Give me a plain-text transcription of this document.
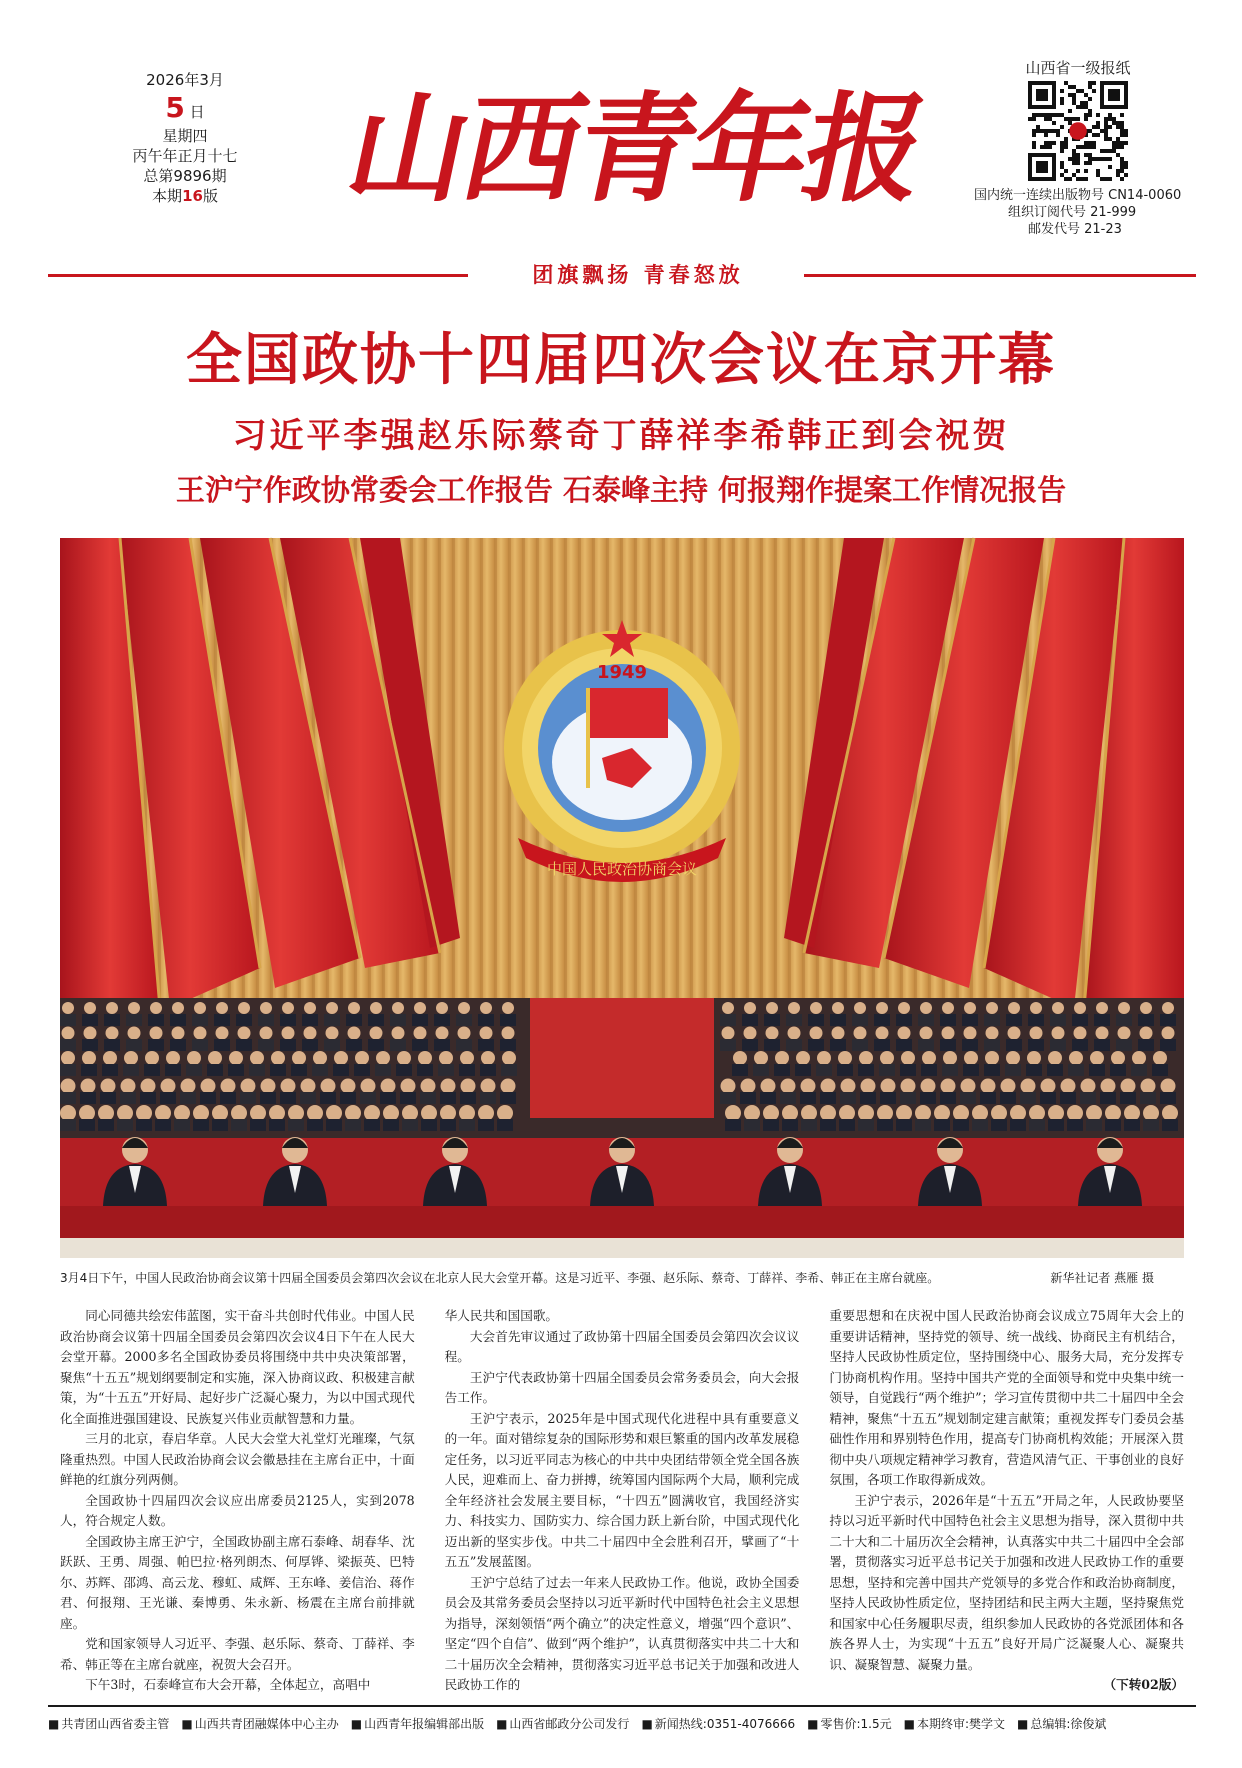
2026年3月
5 日
星期四
丙午年正月十七
总第9896期
本期16版 山西青年报
山西省一级报纸
国内统一连续出版物号 CN14-0060
组织订阅代号 21-999
邮发代号 21-23
团旗飘扬 青春怒放
全国政协十四届四次会议在京开幕
习近平李强赵乐际蔡奇丁薛祥李希韩正到会祝贺
王沪宁作政协常委会工作报告 石泰峰主持 何报翔作提案工作情况报告
1949
中国人民政治协商会议
3月4日下午，中国人民政治协商会议第十四届全国委员会第四次会议在北京人民大会堂开幕。这是习近平、李强、赵乐际、蔡奇、丁薛祥、李希、韩正在主席台就座。	新华社记者 燕雁 摄

同心同德共绘宏伟蓝图，实干奋斗共创时代伟业。中国人民政治协商会议第十四届全国委员会第四次会议4日下午在人民大会堂开幕。2000多名全国政协委员将围绕中共中央决策部署，聚焦“十五五”规划纲要制定和实施，深入协商议政、积极建言献策，为“十五五”开好局、起好步广泛凝心聚力，为以中国式现代化全面推进强国建设、民族复兴伟业贡献智慧和力量。

三月的北京，春启华章。人民大会堂大礼堂灯光璀璨，气氛隆重热烈。中国人民政治协商会议会徽悬挂在主席台正中，十面鲜艳的红旗分列两侧。

全国政协十四届四次会议应出席委员2125人，实到2078人，符合规定人数。

全国政协主席王沪宁，全国政协副主席石泰峰、胡春华、沈跃跃、王勇、周强、帕巴拉·格列朗杰、何厚铧、梁振英、巴特尔、苏辉、邵鸿、高云龙、穆虹、咸辉、王东峰、姜信治、蒋作君、何报翔、王光谦、秦博勇、朱永新、杨震在主席台前排就座。

党和国家领导人习近平、李强、赵乐际、蔡奇、丁薛祥、李希、韩正等在主席台就座，祝贺大会召开。

下午3时，石泰峰宣布大会开幕，全体起立，高唱中

华人民共和国国歌。

大会首先审议通过了政协第十四届全国委员会第四次会议议程。

王沪宁代表政协第十四届全国委员会常务委员会，向大会报告工作。

王沪宁表示，2025年是中国式现代化进程中具有重要意义的一年。面对错综复杂的国际形势和艰巨繁重的国内改革发展稳定任务，以习近平同志为核心的中共中央团结带领全党全国各族人民，迎难而上、奋力拼搏，统筹国内国际两个大局，顺利完成全年经济社会发展主要目标，“十四五”圆满收官，我国经济实力、科技实力、国防实力、综合国力跃上新台阶，中国式现代化迈出新的坚实步伐。中共二十届四中全会胜利召开，擘画了“十五五”发展蓝图。

王沪宁总结了过去一年来人民政协工作。他说，政协全国委员会及其常务委员会坚持以习近平新时代中国特色社会主义思想为指导，深刻领悟“两个确立”的决定性意义，增强“四个意识”、坚定“四个自信”、做到“两个维护”，认真贯彻落实中共二十大和二十届历次全会精神，贯彻落实习近平总书记关于加强和改进人民政协工作的

重要思想和在庆祝中国人民政治协商会议成立75周年大会上的重要讲话精神，坚持党的领导、统一战线、协商民主有机结合，坚持人民政协性质定位，坚持围绕中心、服务大局，充分发挥专门协商机构作用。坚持中国共产党的全面领导和党中央集中统一领导，自觉践行“两个维护”；学习宣传贯彻中共二十届四中全会精神，聚焦“十五五”规划制定建言献策；重视发挥专门委员会基础性作用和界别特色作用，提高专门协商机构效能；开展深入贯彻中央八项规定精神学习教育，营造风清气正、干事创业的良好氛围，各项工作取得新成效。

王沪宁表示，2026年是“十五五”开局之年，人民政协要坚持以习近平新时代中国特色社会主义思想为指导，深入贯彻中共二十大和二十届历次全会精神，认真落实中共二十届四中全会部署，贯彻落实习近平总书记关于加强和改进人民政协工作的重要思想，坚持和完善中国共产党领导的多党合作和政治协商制度，坚持人民政协性质定位，坚持团结和民主两大主题，坚持聚焦党和国家中心任务履职尽责，组织参加人民政协的各党派团体和各族各界人士，为实现“十五五”良好开局广泛凝聚人心、凝聚共识、凝聚智慧、凝聚力量。

（下转02版）

■ 共青团山西省委主管	■ 山西共青团融媒体中心主办	■ 山西青年报编辑部出版	■ 山西省邮政分公司发行	■ 新闻热线:0351-4076666	■ 零售价:1.5元	■ 本期终审:樊学文	■ 总编辑:徐俊斌
